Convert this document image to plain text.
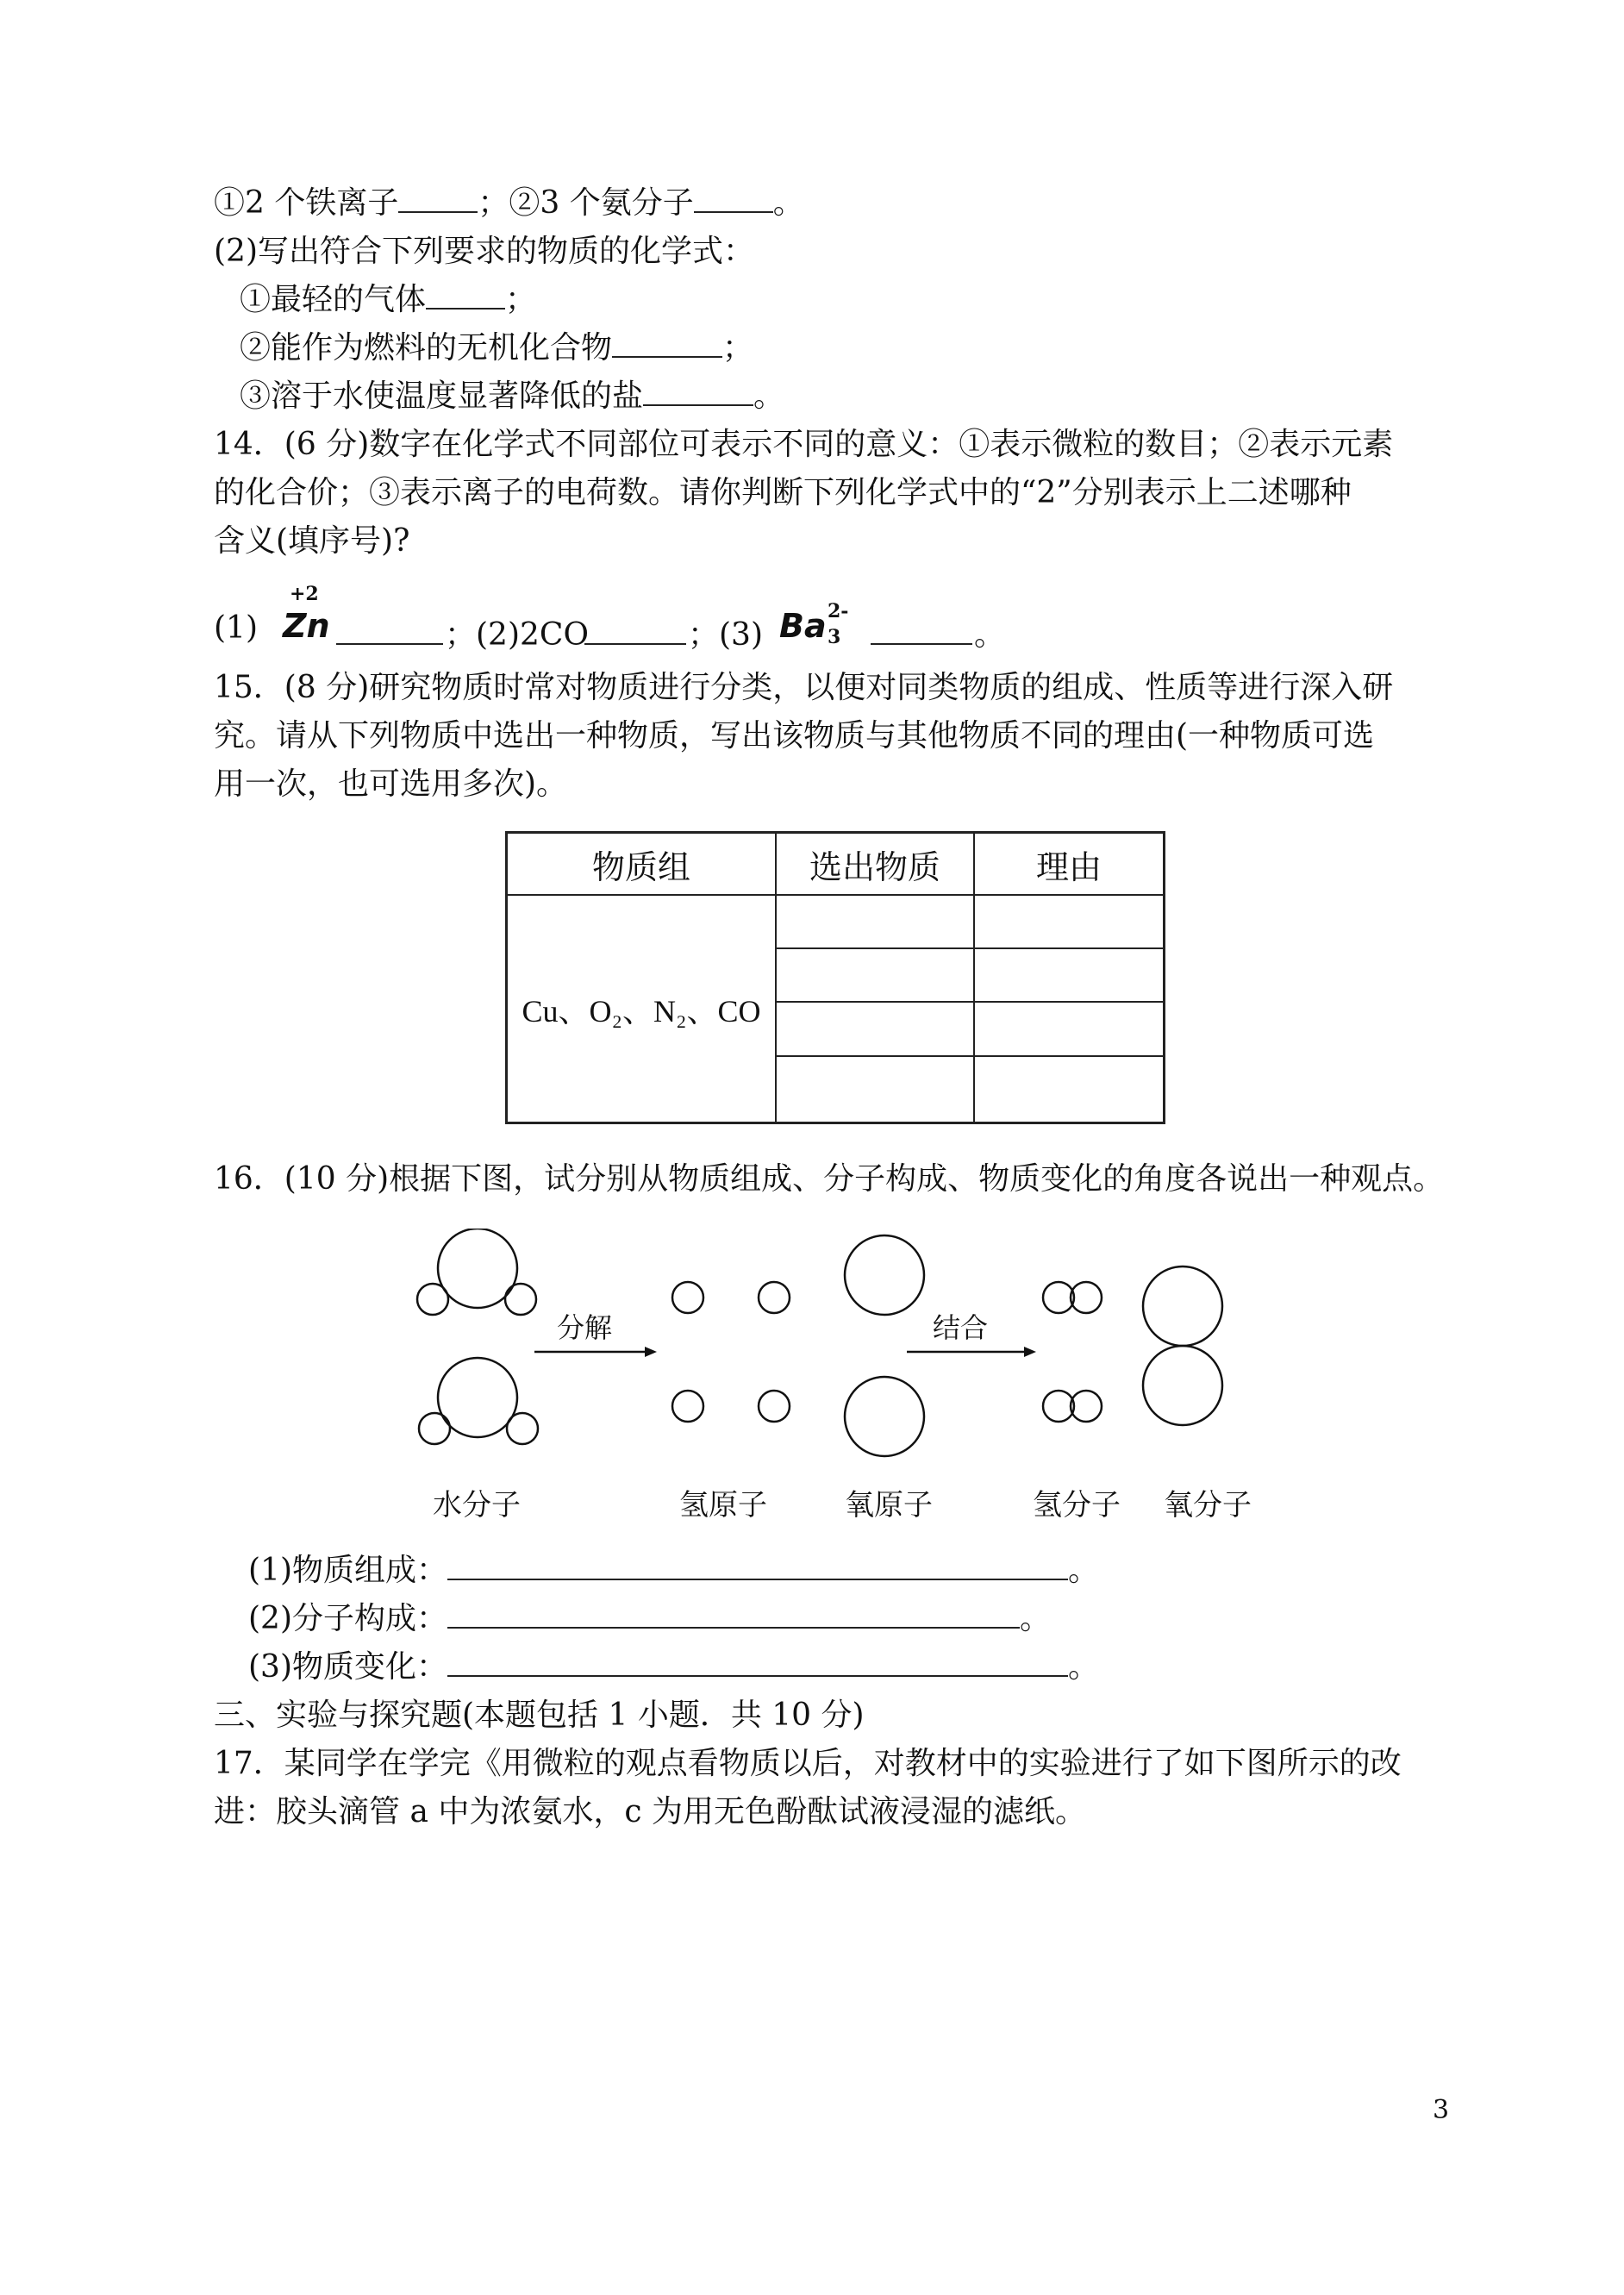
①2 个铁离子	；②3 个氨分子	。
(2)写出符合下列要求的物质的化学式：
①最轻的气体	；
②能作为燃料的无机化合物	；
③溶于水使温度显著降低的盐	。
14．(6 分)数字在化学式不同部位可表示不同的意义：①表示微粒的数目；②表示元素
的化合价；③表示离子的电荷数。请你判断下列化学式中的“2”分别表示上二述哪种
含义(填序号)?
(1)
+2
Zn	；(2)2CO	；(3) Ba 2-
3	。
15．(8 分)研究物质时常对物质进行分类，以便对同类物质的组成、性质等进行深入研
究。请从下列物质中选出一种物质，写出该物质与其他物质不同的理由(一种物质可选
用一次，也可选用多次)。
物质组	选出物质	理由
Cu、O₂、N₂、CO		

16．(10 分)根据下图，试分别从物质组成、分子构成、物质变化的角度各说出一种观点。
分解	结合
水分子	氢原子	氧原子	氢分子 氧分子
(1)物质组成：	。
(2)分子构成：	。
(3)物质变化：	。
三、实验与探究题(本题包括 1 小题．共 10 分)
17．某同学在学完《用微粒的观点看物质以后，对教材中的实验进行了如下图所示的改
进：胶头滴管 a 中为浓氨水，c 为用无色酚酞试液浸湿的滤纸。
3
